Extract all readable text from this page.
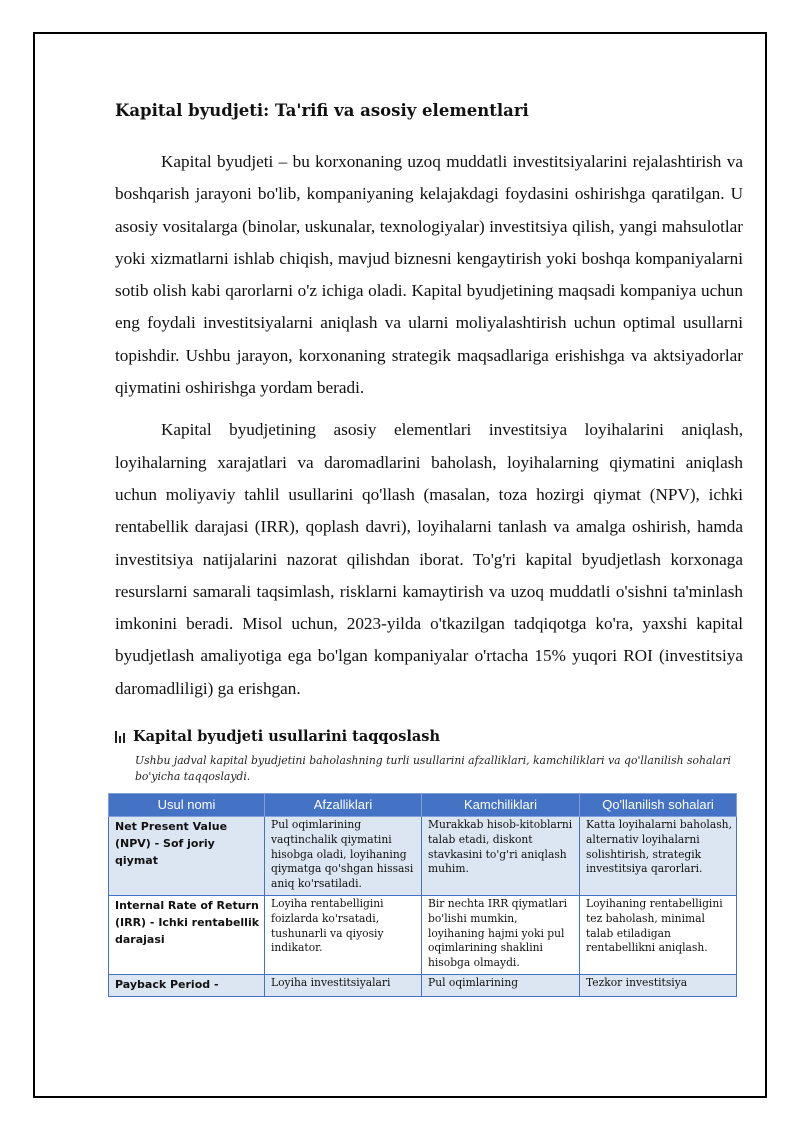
Kapital byudjeti: Ta'rifi va asosiy elementlari

Kapital byudjeti – bu korxonaning uzoq muddatli investitsiyalarini rejalashtirish va boshqarish jarayoni bo'lib, kompaniyaning kelajakdagi foydasini oshirishga qaratilgan. U asosiy vositalarga (binolar, uskunalar, texnologiyalar) investitsiya qilish, yangi mahsulotlar yoki xizmatlarni ishlab chiqish, mavjud biznesni kengaytirish yoki boshqa kompaniyalarni sotib olish kabi qarorlarni o'z ichiga oladi. Kapital byudjetining maqsadi kompaniya uchun eng foydali investitsiyalarni aniqlash va ularni moliyalashtirish uchun optimal usullarni topishdir. Ushbu jarayon, korxonaning strategik maqsadlariga erishishga va aktsiyadorlar qiymatini oshirishga yordam beradi.

Kapital byudjetining asosiy elementlari investitsiya loyihalarini aniqlash, loyihalarning xarajatlari va daromadlarini baholash, loyihalarning qiymatini aniqlash uchun moliyaviy tahlil usullarini qo'llash (masalan, toza hozirgi qiymat (NPV), ichki rentabellik darajasi (IRR), qoplash davri), loyihalarni tanlash va amalga oshirish, hamda investitsiya natijalarini nazorat qilishdan iborat. To'g'ri kapital byudjetlash korxonaga resurslarni samarali taqsimlash, risklarni kamaytirish va uzoq muddatli o'sishni ta'minlash imkonini beradi. Misol uchun, 2023-yilda o'tkazilgan tadqiqotga ko'ra, yaxshi kapital byudjetlash amaliyotiga ega bo'lgan kompaniyalar o'rtacha 15% yuqori ROI (investitsiya daromadliligi) ga erishgan.

Kapital byudjeti usullarini taqqoslash
Ushbu jadval kapital byudjetini baholashning turli usullarini afzalliklari, kamchiliklari va qo'llanilish sohalari bo'yicha taqqoslaydi.
Usul nomi	Afzalliklari	Kamchiliklari	Qo'llanilish sohalari
Net Present Value (NPV) - Sof joriy qiymat	Pul oqimlarining vaqtinchalik qiymatini hisobga oladi, loyihaning qiymatga qo'shgan hissasi aniq ko'rsatiladi.	Murakkab hisob-kitoblarni talab etadi, diskont stavkasini to'g'ri aniqlash muhim.	Katta loyihalarni baholash, alternativ loyihalarni solishtirish, strategik investitsiya qarorlari.
Internal Rate of Return (IRR) - Ichki rentabellik darajasi	Loyiha rentabelligini foizlarda ko'rsatadi, tushunarli va qiyosiy indikator.	Bir nechta IRR qiymatlari bo'lishi mumkin, loyihaning hajmi yoki pul oqimlarining shaklini hisobga olmaydi.	Loyihaning rentabelligini tez baholash, minimal talab etiladigan rentabellikni aniqlash.
Payback Period -	Loyiha investitsiyalari	Pul oqimlarining	Tezkor investitsiya
